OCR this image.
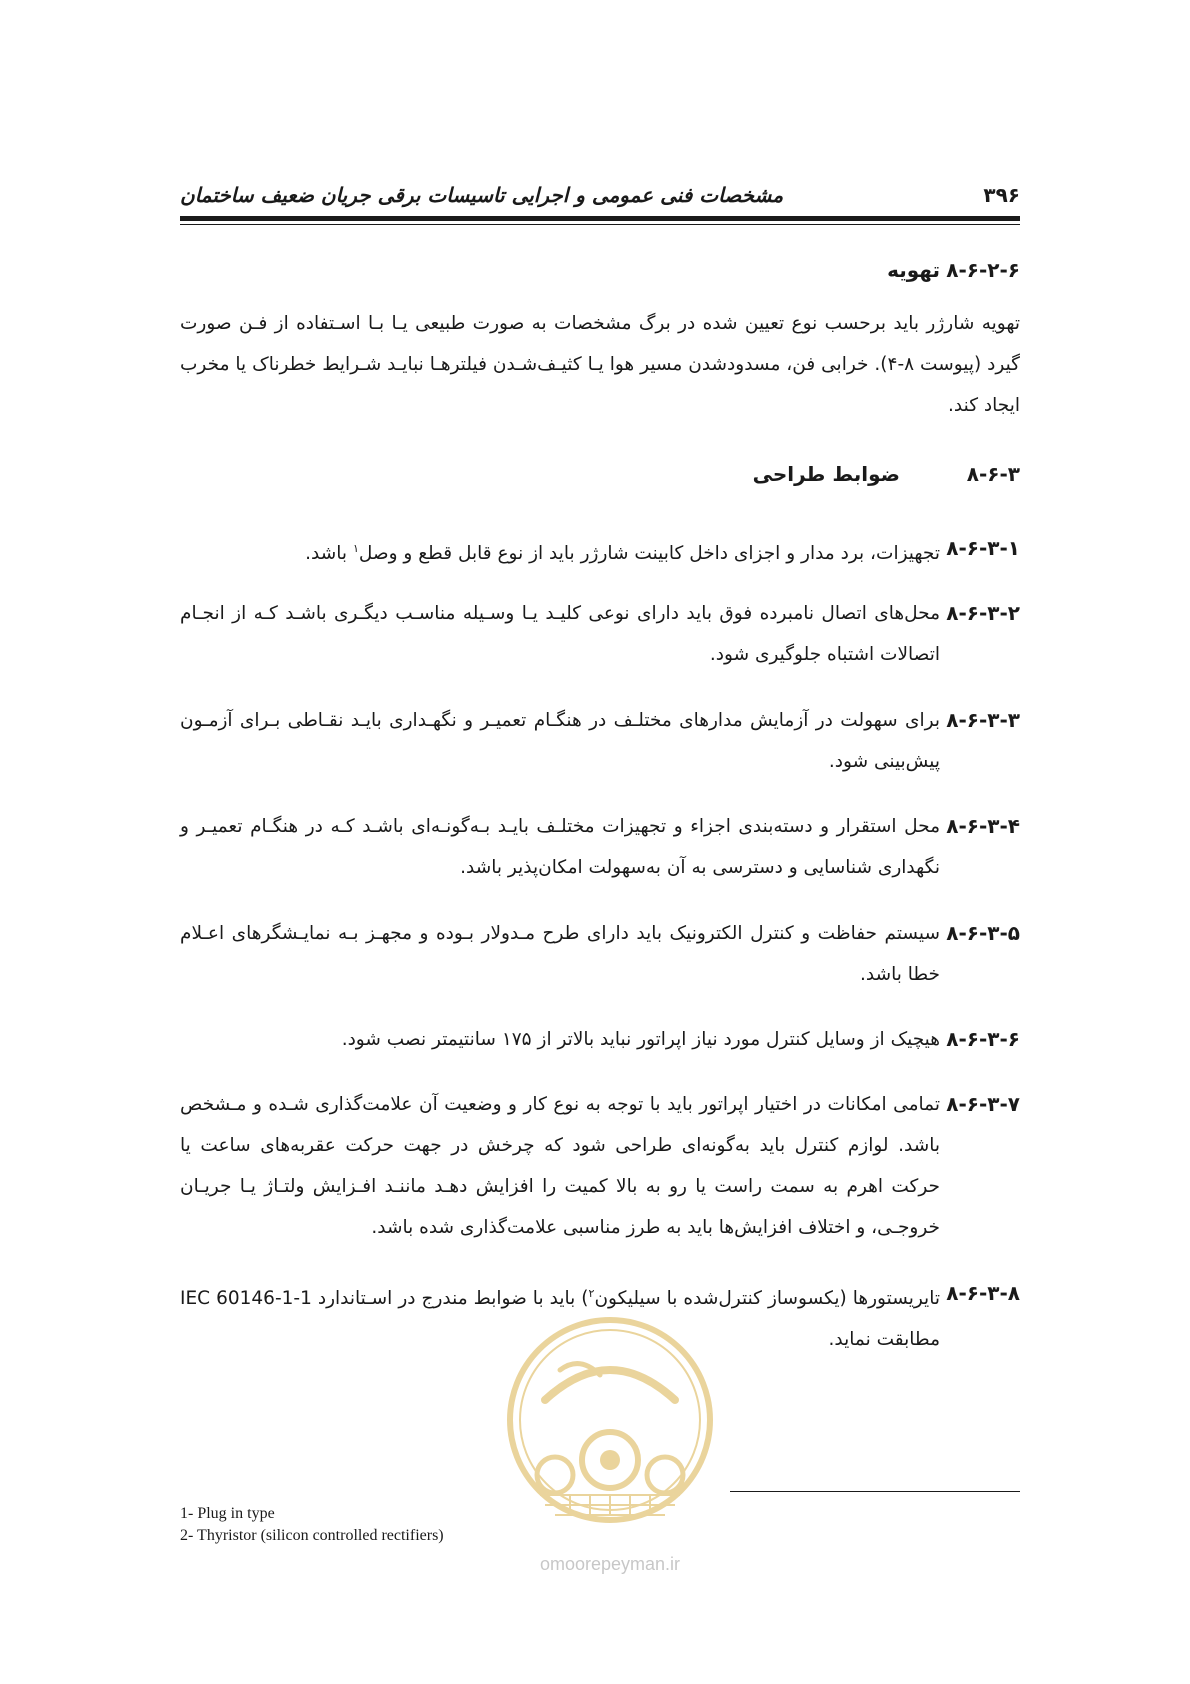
۳۹۶
مشخصات فنی عمومی و اجرایی تاسیسات برقی جریان ضعیف ساختمان
۸-۶-۲-۶
تهویه

تهویه شارژر باید برحسب نوع تعیین شده در برگ مشخصات به صورت طبیعی یـا بـا اسـتفاده از فـن صورت گیرد (پیوست ۸-۴). خرابی فن، مسدودشدن مسیر هوا یـا کثیـف‌شـدن فیلترهـا نبایـد شـرایط خطرناک یا مخرب ایجاد کند.

۸-۶-۳
ضوابط طراحی
۸-۶-۳-۱

تجهیزات، برد مدار و اجزای داخل کابینت شارژر باید از نوع قابل قطع و وصل$^۱$ باشد.

۸-۶-۳-۲

محل‌های اتصال نامبرده فوق باید دارای نوعی کلیـد یـا وسـیله مناسـب دیگـری باشـد کـه از انجـام اتصالات اشتباه جلوگیری شود.

۸-۶-۳-۳

برای سهولت در آزمایش مدارهای مختلـف در هنگـام تعمیـر و نگهـداری بایـد نقـاطی بـرای آزمـون پیش‌بینی شود.

۸-۶-۳-۴

محل استقرار و دسته‌بندی اجزاء و تجهیزات مختلـف بایـد بـه‌گونـه‌ای باشـد کـه در هنگـام تعمیـر و نگهداری شناسایی و دسترسی به آن به‌سهولت امکان‌پذیر باشد.

۸-۶-۳-۵

سیستم حفاظت و کنترل الکترونیک باید دارای طرح مـدولار بـوده و مجهـز بـه نمایـشگرهای اعـلام خطا باشد.

۸-۶-۳-۶

هیچیک از وسایل کنترل مورد نیاز اپراتور نباید بالاتر از ۱۷۵ سانتیمتر نصب شود.

۸-۶-۳-۷

تمامی امکانات در اختیار اپراتور باید با توجه به نوع کار و وضعیت آن علامت‌گذاری شـده و مـشخص باشد. لوازم کنترل باید به‌گونه‌ای طراحی شود که چرخش در جهت حرکت عقربه‌های ساعت یا حرکت اهرم به سمت راست یا رو به بالا کمیت را افزایش دهـد ماننـد افـزایش ولتـاژ یـا جریـان خروجـی، و اختلاف افزایش‌ها باید به طرز مناسبی علامت‌گذاری شده باشد.

۸-۶-۳-۸

تایریستورها (یکسوساز کنترل‌شده با سیلیکون$^۲$) باید با ضوابط مندرج در اسـتاندارد IEC 60146-1-1 مطابقت نماید.

omoorepeyman.ir
1- Plug in type
2- Thyristor (silicon controlled rectifiers)
